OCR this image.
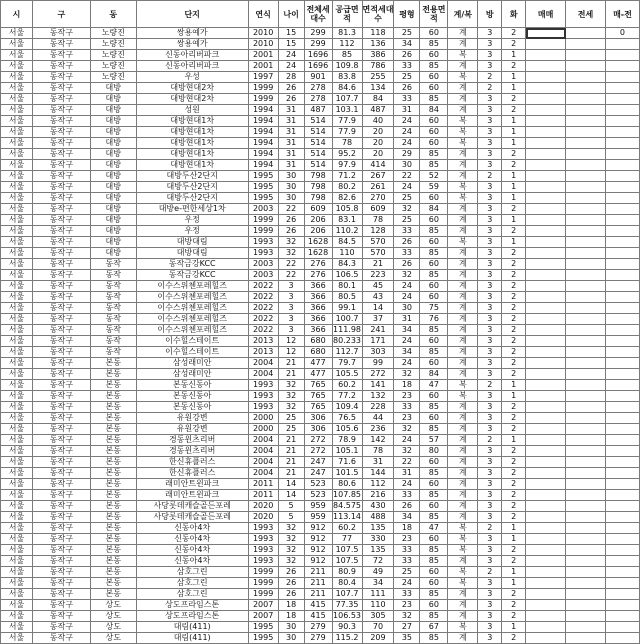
시	구	동	단지	연식	나이	전체세대수	공급면적	면적세대수	평형	전용면적	계/복	방	화	매매	전세	매-전
서울	동작구	노량진	쌍용예가	2010	15	299	81.3	118	25	60	계	3	2			0
서울	동작구	노량진	쌍용예가	2010	15	299	112	136	34	85	계	3	2			
서울	동작구	노량진	신동아리버파크	2001	24	1696	85	386	26	60	복	3	1			
서울	동작구	노량진	신동아리버파크	2001	24	1696	109.8	786	33	85	계	3	2			
서울	동작구	노량진	우성	1997	28	901	83.8	255	25	60	복	2	1			
서울	동작구	대방	대방현대2차	1999	26	278	84.6	134	26	60	계	2	1			
서울	동작구	대방	대방현대2차	1999	26	278	107.7	84	33	85	계	3	2			
서울	동작구	대방	성원	1994	31	487	103.1	487	31	84	계	3	2			
서울	동작구	대방	대방현대1차	1994	31	514	77.9	40	24	60	복	3	1			
서울	동작구	대방	대방현대1차	1994	31	514	77.9	20	24	60	복	3	1			
서울	동작구	대방	대방현대1차	1994	31	514	78	20	24	60	복	3	1			
서울	동작구	대방	대방현대1차	1994	31	514	95.2	20	29	85	계	3	2			
서울	동작구	대방	대방현대1차	1994	31	514	97.9	414	30	85	계	3	2			
서울	동작구	대방	대방두산2단지	1995	30	798	71.2	267	22	52	계	2	1			
서울	동작구	대방	대방두산2단지	1995	30	798	80.2	261	24	59	복	3	1			
서울	동작구	대방	대방두산2단지	1995	30	798	82.6	270	25	60	복	3	1			
서울	동작구	대방	대방e-편한세상1차	2003	22	609	105.8	609	32	84	계	3	2			
서울	동작구	대방	우정	1999	26	206	83.1	78	25	60	계	3	1			
서울	동작구	대방	우정	1999	26	206	110.2	128	33	85	계	3	2			
서울	동작구	대방	대방대림	1993	32	1628	84.5	570	26	60	복	3	1			
서울	동작구	대방	대방대림	1993	32	1628	110	570	33	85	계	3	2			
서울	동작구	동작	동작금강KCC	2003	22	276	84.3	21	26	60	계	3	2			
서울	동작구	동작	동작금강KCC	2003	22	276	106.5	223	32	85	계	3	2			
서울	동작구	동작	이수스위첸포레힐즈	2022	3	366	80.1	45	24	60	계	3	2			
서울	동작구	동작	이수스위첸포레힐즈	2022	3	366	80.5	43	24	60	계	3	2			
서울	동작구	동작	이수스위첸포레힐즈	2022	3	366	99.1	14	30	75	계	3	2			
서울	동작구	동작	이수스위첸포레힐즈	2022	3	366	100.7	37	31	76	계	3	2			
서울	동작구	동작	이수스위첸포레힐즈	2022	3	366	111.98	241	34	85	계	3	2			
서울	동작구	동작	이수힐스테이트	2013	12	680	80.233	171	24	60	계	3	2			
서울	동작구	동작	이수힐스테이트	2013	12	680	112.7	303	34	85	계	3	2			
서울	동작구	본동	삼성래미안	2004	21	477	79.7	99	24	60	계	3	2			
서울	동작구	본동	삼성래미안	2004	21	477	105.5	272	32	84	계	3	2			
서울	동작구	본동	본동신동아	1993	32	765	60.2	141	18	47	복	2	1			
서울	동작구	본동	본동신동아	1993	32	765	77.2	132	23	60	복	3	1			
서울	동작구	본동	본동신동아	1993	32	765	109.4	228	33	85	계	3	2			
서울	동작구	본동	유원강변	2000	25	306	76.5	44	23	60	계	3	2			
서울	동작구	본동	유원강변	2000	25	306	105.6	236	32	85	계	3	2			
서울	동작구	본동	경동윈츠리버	2004	21	272	78.9	142	24	57	계	2	1			
서울	동작구	본동	경동윈츠리버	2004	21	272	105.1	78	32	80	계	3	2			
서울	동작구	본동	한신휴플러스	2004	21	247	71.6	31	22	60	계	3	2			
서울	동작구	본동	한신휴플러스	2004	21	247	101.5	144	31	85	계	3	2			
서울	동작구	본동	래미안트윈파크	2011	14	523	80.6	112	24	60	계	3	2			
서울	동작구	본동	래미안트윈파크	2011	14	523	107.85	216	33	85	계	3	2			
서울	동작구	본동	사당롯데캐슬골든포레	2020	5	959	84.575	430	26	60	계	3	2			
서울	동작구	본동	사당롯데캐슬골든포레	2020	5	959	113.14	488	34	85	계	3	2			
서울	동작구	본동	신동아4차	1993	32	912	60.2	135	18	47	복	2	1			
서울	동작구	본동	신동아4차	1993	32	912	77	330	23	60	복	3	1			
서울	동작구	본동	신동아4차	1993	32	912	107.5	135	33	85	복	3	2			
서울	동작구	본동	신동아4차	1993	32	912	107.5	72	33	85	계	3	2			
서울	동작구	본동	삼호그린	1999	26	211	80.9	49	25	60	복	2	1			
서울	동작구	본동	삼호그린	1999	26	211	80.4	34	24	60	복	3	1			
서울	동작구	본동	삼호그린	1999	26	211	107.7	111	33	85	계	3	2			
서울	동작구	상도	상도프라임스톤	2007	18	415	77.35	110	23	60	계	3	2			
서울	동작구	상도	상도프라임스톤	2007	18	415	106.53	305	32	85	계	3	2			
서울	동작구	상도	대림(411)	1995	30	279	90.3	70	27	67	복	3	1			
서울	동작구	상도	대림(411)	1995	30	279	115.2	209	35	85	계	3	2			
